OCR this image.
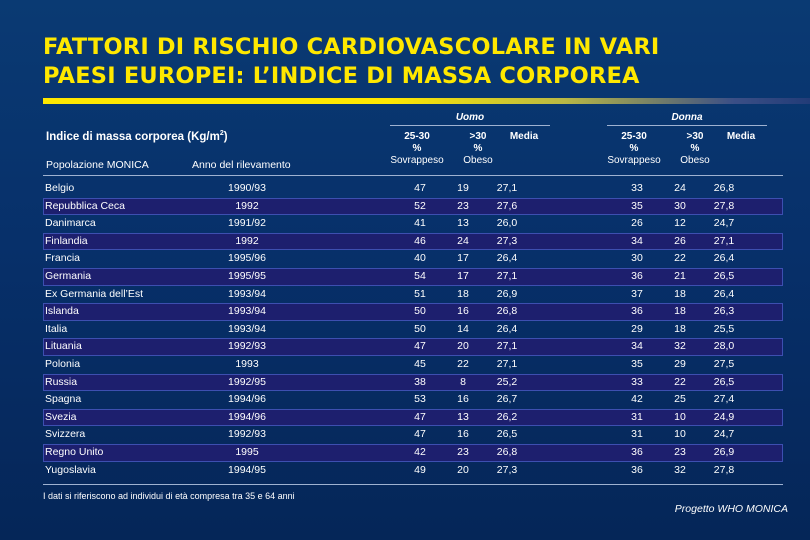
FATTORI DI RISCHIO CARDIOVASCOLARE IN VARI
PAESI EUROPEI: L’INDICE DI MASSA CORPOREA
Uomo	Donna
Indice di massa corporea $(Kg/m^2)$
Popolazione MONICA	Anno del rilevamento
25-30
%
Sovrappeso
>30
%
Obeso
Media	25-30
%
Sovrappeso
>30
%
Obeso
Media
Belgio	1990/93	47	19	27,1	33	24	26,8
Repubblica Ceca	1992	52	23	27,6	35	30	27,8
Danimarca	1991/92	41	13	26,0	26	12	24,7
Finlandia	1992	46	24	27,3	34	26	27,1
Francia	1995/96	40	17	26,4	30	22	26,4
Germania	1995/95	54	17	27,1	36	21	26,5
Ex Germania dell’Est	1993/94	51	18	26,9	37	18	26,4
Islanda	1993/94	50	16	26,8	36	18	26,3
Italia	1993/94	50	14	26,4	29	18	25,5
Lituania	1992/93	47	20	27,1	34	32	28,0
Polonia	1993	45	22	27,1	35	29	27,5
Russia	1992/95	38	8	25,2	33	22	26,5
Spagna	1994/96	53	16	26,7	42	25	27,4
Svezia	1994/96	47	13	26,2	31	10	24,9
Svizzera	1992/93	47	16	26,5	31	10	24,7
Regno Unito	1995	42	23	26,8	36	23	26,9
Yugoslavia	1994/95	49	20	27,3	36	32	27,8
I dati si riferiscono ad individui di età compresa tra 35 e 64 anni
Progetto WHO MONICA
